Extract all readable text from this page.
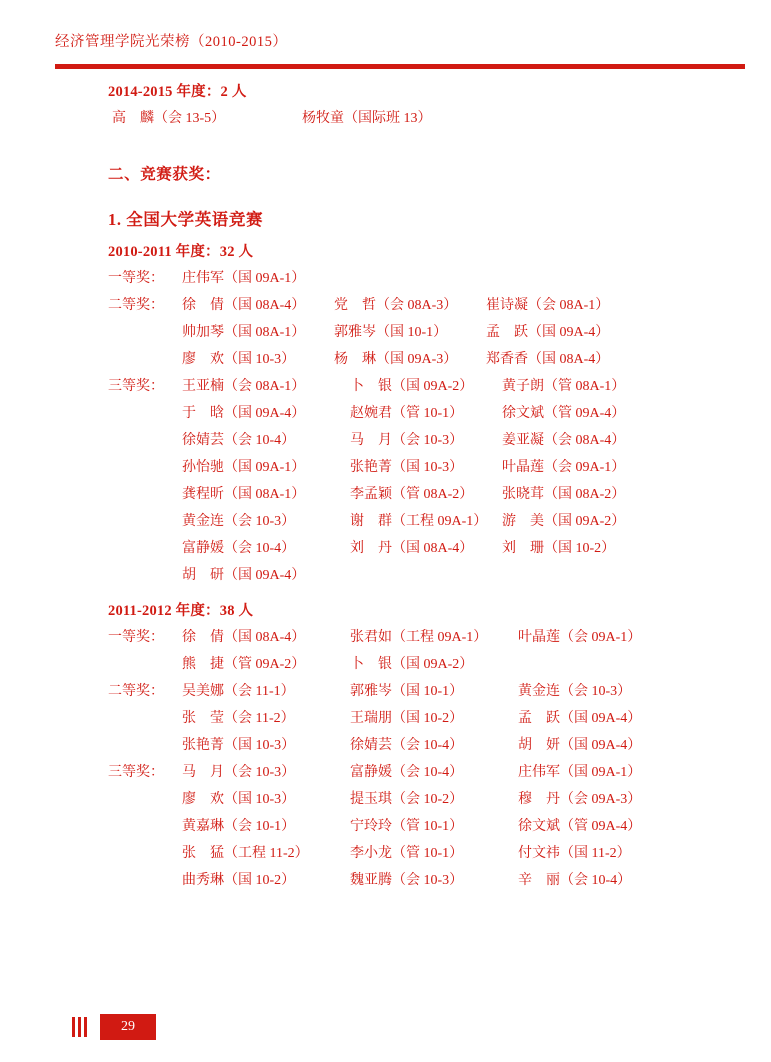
经济管理学院光荣榜（2010-2015）
2014-2015 年度：2 人
高　麟（会 13-5）	杨牧童（国际班 13）
二、竞赛获奖：
1. 全国大学英语竞赛
2010-2011 年度：32 人
一等奖：	庄伟军（国 09A-1）
二等奖：	徐　倩（国 08A-4）	党　哲（会 08A-3）	崔诗凝（会 08A-1）
帅加琴（国 08A-1）	郭雅岑（国 10-1）	孟　跃（国 09A-4）
廖　欢（国 10-3）	杨　琳（国 09A-3）	郑香香（国 08A-4）
三等奖：	王亚楠（会 08A-1）	卜　银（国 09A-2）	黄子朗（管 08A-1）
于　晗（国 09A-4）	赵婉君（管 10-1）	徐文斌（管 09A-4）
徐婧芸（会 10-4）	马　月（会 10-3）	姜亚凝（会 08A-4）
孙怡驰（国 09A-1）	张艳菁（国 10-3）	叶晶莲（会 09A-1）
龚程昕（国 08A-1）	李孟颖（管 08A-2）	张晓茸（国 08A-2）
黄金连（会 10-3）	谢　群（工程 09A-1）	游　美（国 09A-2）
富静媛（会 10-4）	刘　丹（国 08A-4）	刘　珊（国 10-2）
胡　研（国 09A-4）
2011-2012 年度：38 人
一等奖：	徐　倩（国 08A-4）	张君如（工程 09A-1）	叶晶莲（会 09A-1）
熊　捷（管 09A-2）	卜　银（国 09A-2）
二等奖：	吴美娜（会 11-1）	郭雅岑（国 10-1）	黄金连（会 10-3）
张　莹（会 11-2）	王瑞朋（国 10-2）	孟　跃（国 09A-4）
张艳菁（国 10-3）	徐婧芸（会 10-4）	胡　妍（国 09A-4）
三等奖：	马　月（会 10-3）	富静媛（会 10-4）	庄伟军（国 09A-1）
廖　欢（国 10-3）	提玉琪（会 10-2）	穆　丹（会 09A-3）
黄嘉琳（会 10-1）	宁玲玲（管 10-1）	徐文斌（管 09A-4）
张　猛（工程 11-2）	李小龙（管 10-1）	付文祎（国 11-2）
曲秀琳（国 10-2）	魏亚腾（会 10-3）	辛　丽（会 10-4）
29
